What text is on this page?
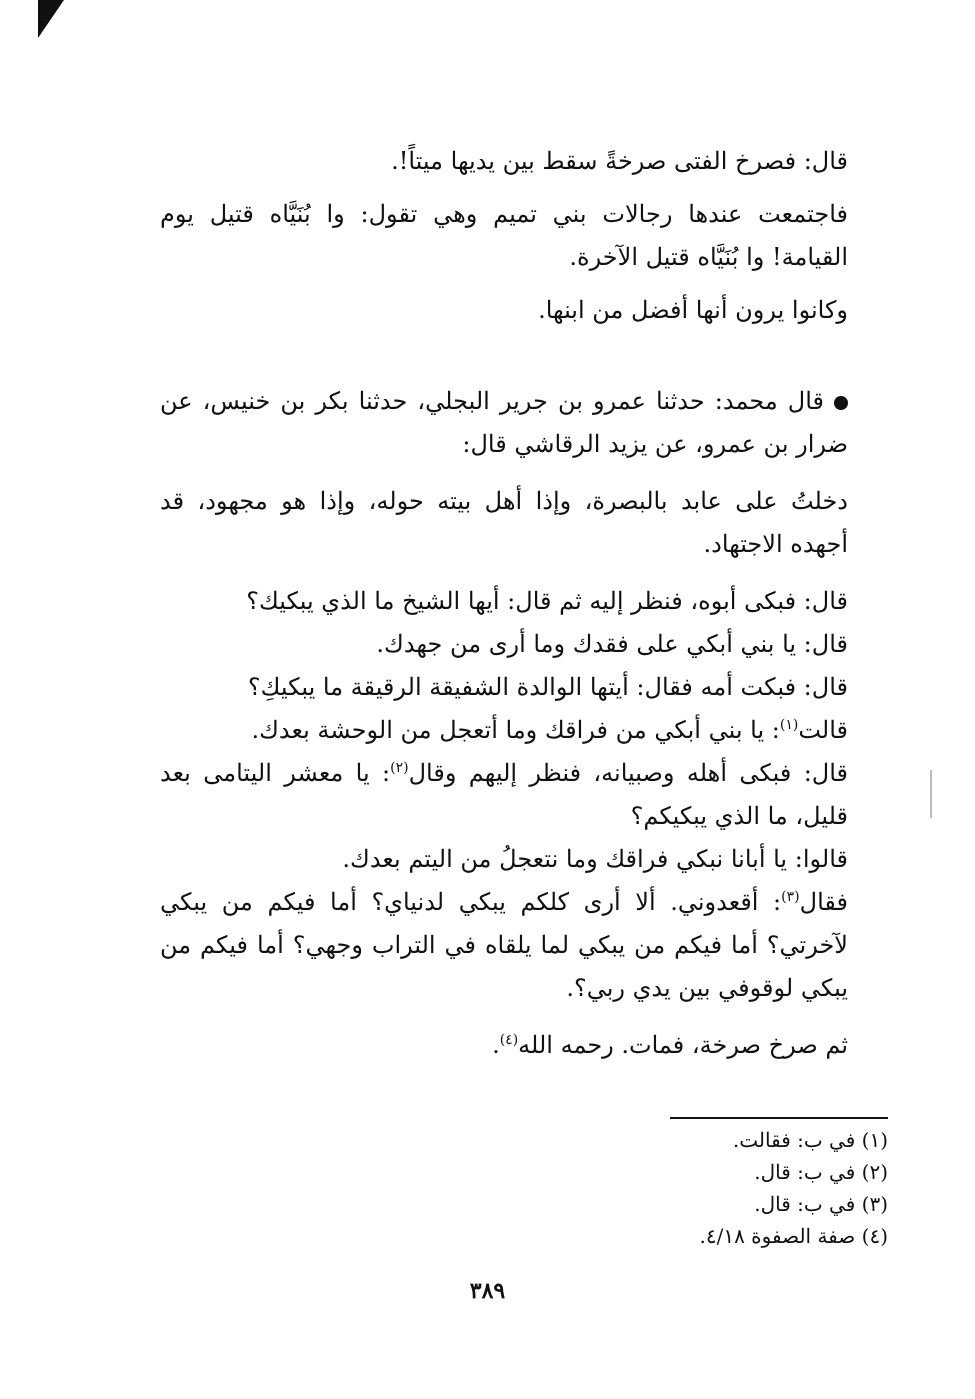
قال: فصرخ الفتى صرخةً سقط بين يديها ميتاً!.

فاجتمعت عندها رجالات بني تميم وهي تقول: وا بُنَيَّاه قتيل يوم القيامة! وا بُنَيَّاه قتيل الآخرة.

وكانوا يرون أنها أفضل من ابنها.

قال محمد: حدثنا عمرو بن جرير البجلي، حدثنا بكر بن خنيس، عن ضرار بن عمرو، عن يزيد الرقاشي قال:

دخلتُ على عابد بالبصرة، وإذا أهل بيته حوله، وإذا هو مجهود، قد أجهده الاجتهاد.

قال: فبكى أبوه، فنظر إليه ثم قال: أيها الشيخ ما الذي يبكيك؟

قال: يا بني أبكي على فقدك وما أرى من جهدك.

قال: فبكت أمه فقال: أيتها الوالدة الشفيقة الرقيقة ما يبكيكِ؟

قالت$^{(١)}$: يا بني أبكي من فراقك وما أتعجل من الوحشة بعدك.

قال: فبكى أهله وصبيانه، فنظر إليهم وقال$^{(٢)}$: يا معشر اليتامى بعد قليل، ما الذي يبكيكم؟

قالوا: يا أبانا نبكي فراقك وما نتعجلُ من اليتم بعدك.

فقال$^{(٣)}$: أقعدوني. ألا أرى كلكم يبكي لدنياي؟ أما فيكم من يبكي لآخرتي؟ أما فيكم من يبكي لما يلقاه في التراب وجهي؟ أما فيكم من يبكي لوقوفي بين يدي ربي؟.

ثم صرخ صرخة، فمات. رحمه الله$^{(٤)}$.

(١) في ب: فقالت.

(٢) في ب: قال.

(٣) في ب: قال.

(٤) صفة الصفوة ٤/١٨.

٣٨٩
